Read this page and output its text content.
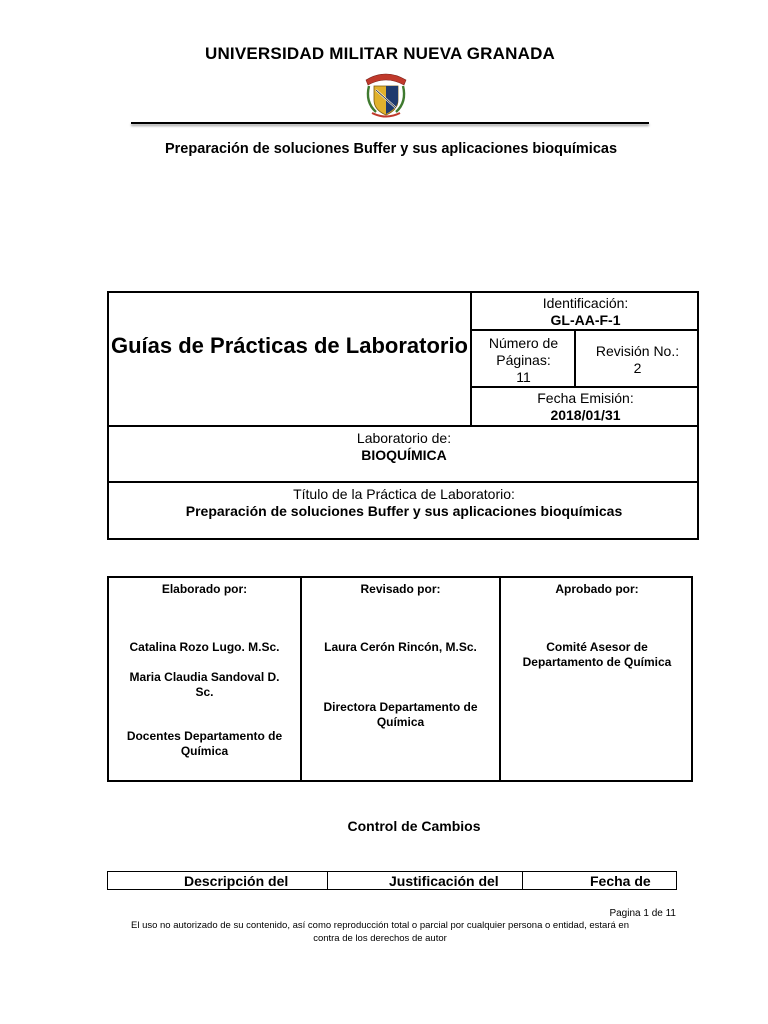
UNIVERSIDAD MILITAR NUEVA GRANADA
Preparación de soluciones Buffer y sus aplicaciones bioquímicas
Guías de Prácticas de Laboratorio
Identificación:
GL-AA-F-1
Número de
Páginas:
11
Revisión No.:
2
Fecha Emisión:
2018/01/31
Laboratorio de:
BIOQUÍMICA
Título de la Práctica de Laboratorio:
Preparación de soluciones Buffer y sus aplicaciones bioquímicas
Elaborado por:
Catalina Rozo Lugo. M.Sc.
Maria Claudia Sandoval D.
Sc.
Docentes Departamento de
Química
Revisado por:
Laura Cerón Rincón, M.Sc.
Directora Departamento de
Química
Aprobado por:
Comité Asesor de
Departamento de Química
Control de Cambios
Descripción del	Justificación del	Fecha de
Pagina 1 de 11
El uso no autorizado de su contenido, así como reproducción total o parcial por cualquier persona o entidad, estará en
contra de los derechos de autor
